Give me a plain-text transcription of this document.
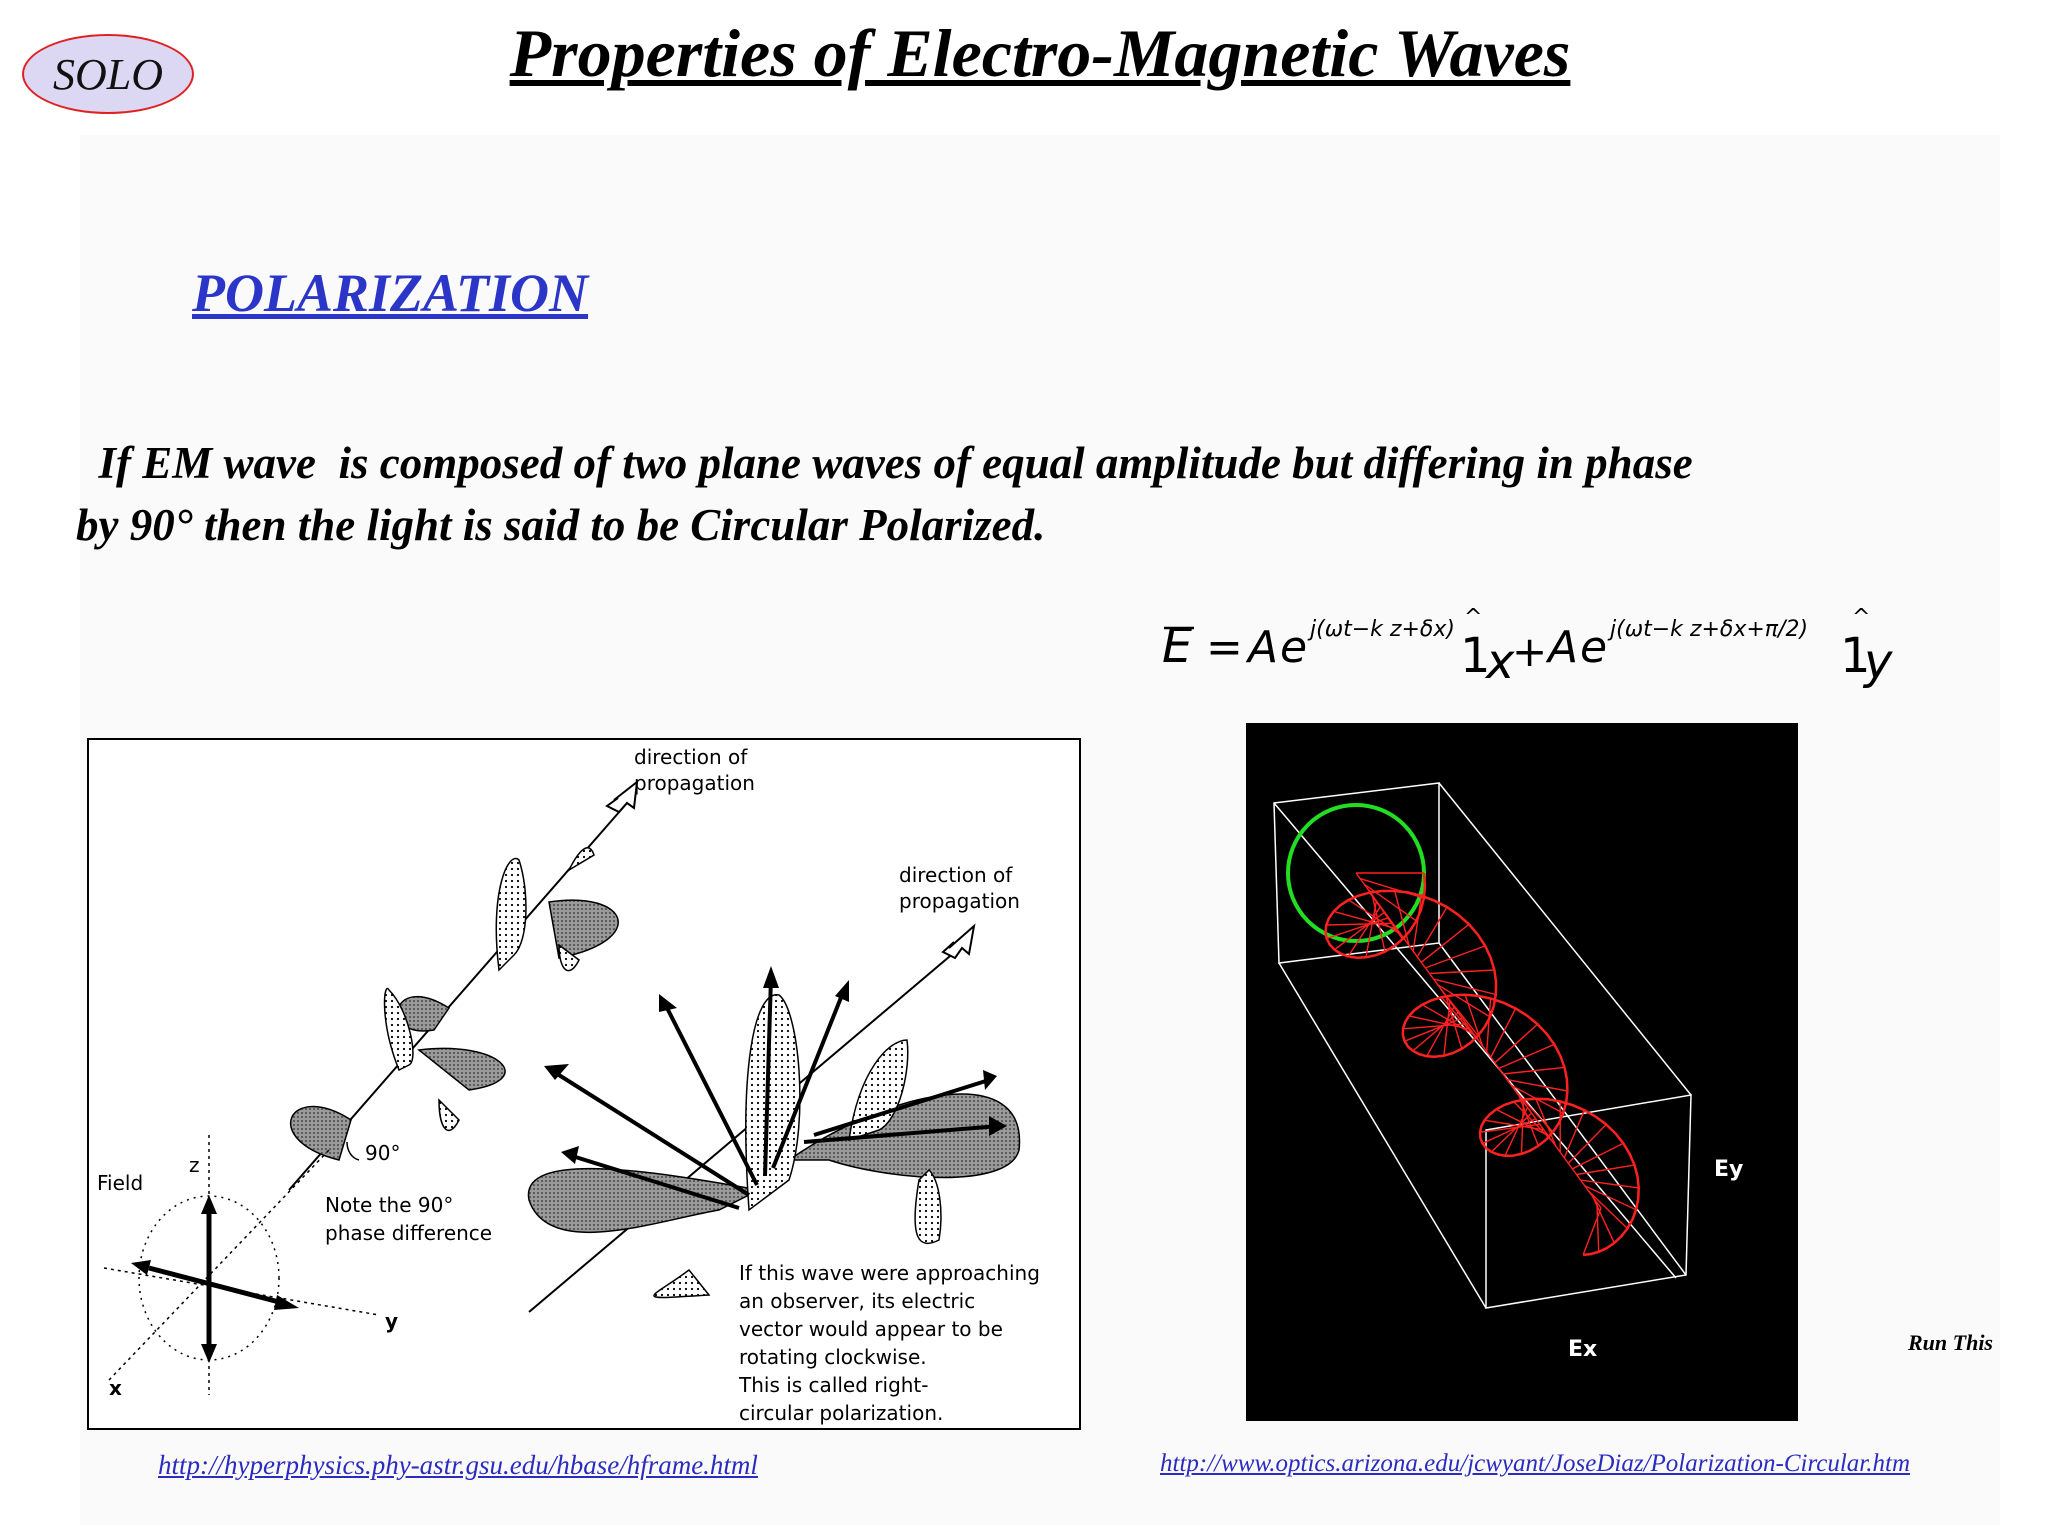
SOLO	Properties of Electro-Magnetic Waves
POLARIZATION
If EM wave  is composed of two plane waves of equal amplitude but differing in phase
by 90° then the light is said to be Circular Polarized.
E = A e j(ωt−k z+δx) ^
1
x
+ A e j(ωt−k z+δx+π/2) ^
1
y
direction of
propagation
90°
Field
z
y
x
Note the 90°
phase difference
direction of
propagation
If this wave were approaching
an observer, its electric
vector would appear to be
rotating clockwise.
This is called right-
circular polarization.
Ey
Ex	Run This
http://hyperphysics.phy-astr.gsu.edu/hbase/hframe.html	http://www.optics.arizona.edu/jcwyant/JoseDiaz/Polarization-Circular.htm
